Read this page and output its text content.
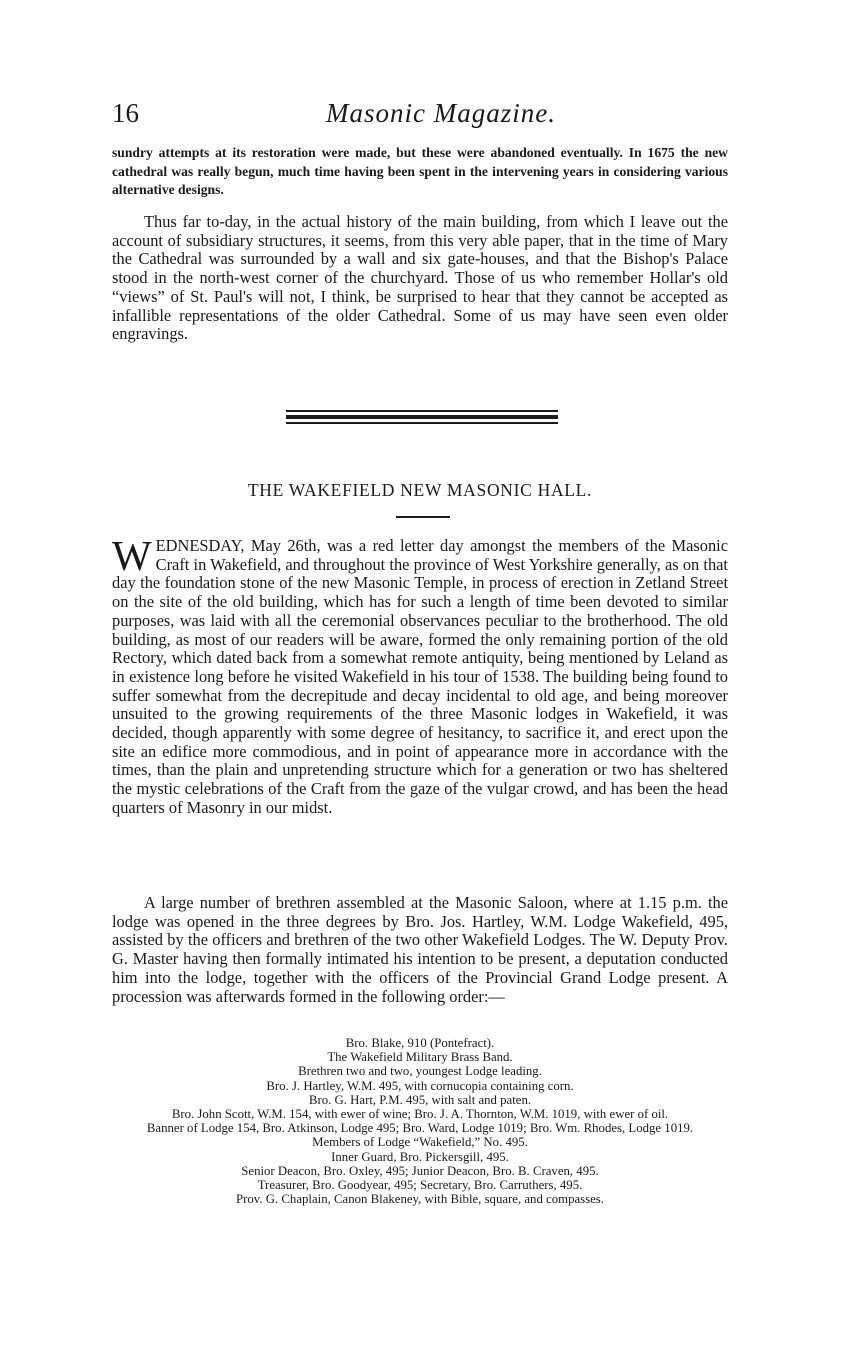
16	Masonic Magazine.
sundry attempts at its restoration were made, but these were abandoned eventually. In 1675 the new cathedral was really begun, much time having been spent in the intervening years in considering various alternative designs.
Thus far to-day, in the actual history of the main building, from which I leave out the account of subsidiary structures, it seems, from this very able paper, that in the time of Mary the Cathedral was surrounded by a wall and six gate-houses, and that the Bishop's Palace stood in the north-west corner of the churchyard. Those of us who remember Hollar's old “views” of St. Paul's will not, I think, be surprised to hear that they cannot be accepted as infallible representations of the older Cathedral. Some of us may have seen even older engravings.
THE WAKEFIELD NEW MASONIC HALL.
WEDNESDAY, May 26th, was a red letter day amongst the members of the Masonic Craft in Wakefield, and throughout the province of West Yorkshire generally, as on that day the foundation stone of the new Masonic Temple, in process of erection in Zetland Street on the site of the old building, which has for such a length of time been devoted to similar purposes, was laid with all the ceremonial observances peculiar to the brotherhood. The old building, as most of our readers will be aware, formed the only remaining portion of the old Rectory, which dated back from a somewhat remote antiquity, being mentioned by Leland as in existence long before he visited Wakefield in his tour of 1538. The building being found to suffer somewhat from the decrepitude and decay incidental to old age, and being moreover unsuited to the growing requirements of the three Masonic lodges in Wakefield, it was decided, though apparently with some degree of hesitancy, to sacrifice it, and erect upon the site an edifice more commodious, and in point of appearance more in accordance with the times, than the plain and unpretending structure which for a generation or two has sheltered the mystic celebrations of the Craft from the gaze of the vulgar crowd, and has been the head quarters of Masonry in our midst.
A large number of brethren assembled at the Masonic Saloon, where at 1.15 p.m. the lodge was opened in the three degrees by Bro. Jos. Hartley, W.M. Lodge Wakefield, 495, assisted by the officers and brethren of the two other Wakefield Lodges. The W. Deputy Prov. G. Master having then formally intimated his intention to be present, a deputation conducted him into the lodge, together with the officers of the Provincial Grand Lodge present. A procession was afterwards formed in the following order:—
Bro. Blake, 910 (Pontefract).
The Wakefield Military Brass Band.
Brethren two and two, youngest Lodge leading.
Bro. J. Hartley, W.M. 495, with cornucopia containing corn.
Bro. G. Hart, P.M. 495, with salt and paten.
Bro. John Scott, W.M. 154, with ewer of wine; Bro. J. A. Thornton, W.M. 1019, with ewer of oil.
Banner of Lodge 154, Bro. Atkinson, Lodge 495; Bro. Ward, Lodge 1019; Bro. Wm. Rhodes, Lodge 1019.
Members of Lodge “Wakefield,” No. 495.
Inner Guard, Bro. Pickersgill, 495.
Senior Deacon, Bro. Oxley, 495; Junior Deacon, Bro. B. Craven, 495.
Treasurer, Bro. Goodyear, 495; Secretary, Bro. Carruthers, 495.
Prov. G. Chaplain, Canon Blakeney, with Bible, square, and compasses.
